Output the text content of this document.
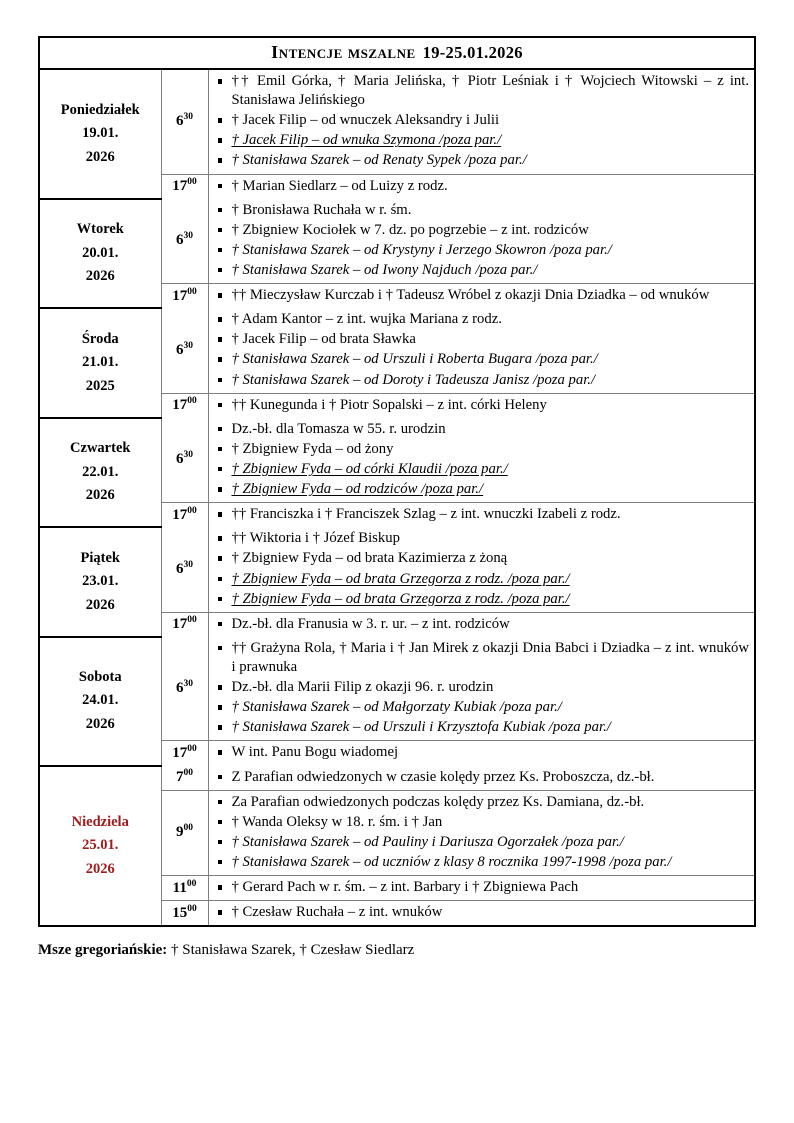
Intencje mszalne 19-25.01.2026		

Poniedziałek
19.01.
2026
	$6^{30}$	
†† Emil Górka, † Maria Jelińska, † Piotr Leśniak i † Wojciech Witowski – z int. Stanisława Jelińskiego
† Jacek Filip – od wnuczek Aleksandry i Julii
† Jacek Filip – od wnuka Szymona /poza par./
† Stanisława Szarek – od Renaty Sypek /poza par./

$17^{00}$	† Marian Siedlarz – od Luizy z rodz.

Wtorek
20.01.
2026
	$6^{30}$	
† Bronisława Ruchała w r. śm.
† Zbigniew Kociołek w 7. dz. po pogrzebie – z int. rodziców
† Stanisława Szarek – od Krystyny i Jerzego Skowron /poza par./
† Stanisława Szarek – od Iwony Najduch /poza par./

$17^{00}$	†† Mieczysław Kurczab i † Tadeusz Wróbel z okazji Dnia Dziadka – od wnuków

Środa
21.01.
2025
	$6^{30}$	
† Adam Kantor – z int. wujka Mariana z rodz.
† Jacek Filip – od brata Sławka
† Stanisława Szarek – od Urszuli i Roberta Bugara /poza par./
† Stanisława Szarek – od Doroty i Tadeusza Janisz /poza par./

$17^{00}$	†† Kunegunda i † Piotr Sopalski – z int. córki Heleny

Czwartek
22.01.
2026
	$6^{30}$	
Dz.-bł. dla Tomasza w 55. r. urodzin
† Zbigniew Fyda – od żony
† Zbigniew Fyda – od córki Klaudii /poza par./
† Zbigniew Fyda – od rodziców /poza par./

$17^{00}$	†† Franciszka i † Franciszek Szlag – z int. wnuczki Izabeli z rodz.

Piątek
23.01.
2026
	$6^{30}$	
†† Wiktoria i † Józef Biskup
† Zbigniew Fyda – od brata Kazimierza z żoną
† Zbigniew Fyda – od brata Grzegorza z rodz. /poza par./
† Zbigniew Fyda – od brata Grzegorza z rodz. /poza par./

$17^{00}$	Dz.-bł. dla Franusia w 3. r. ur. – z int. rodziców

Sobota
24.01.
2026
	$6^{30}$	
†† Grażyna Rola, † Maria i † Jan Mirek z okazji Dnia Babci i Dziadka – z int. wnuków i prawnuka
Dz.-bł. dla Marii Filip z okazji 96. r. urodzin
† Stanisława Szarek – od Małgorzaty Kubiak /poza par./
† Stanisława Szarek – od Urszuli i Krzysztofa Kubiak /poza par./

$17^{00}$	W int. Panu Bogu wiadomej

Niedziela
25.01.
2026
	$7^{00}$	Z Parafian odwiedzonych w czasie kolędy przez Ks. Proboszcza, dz.-bł.

$9^{00}$	
Za Parafian odwiedzonych podczas kolędy przez Ks. Damiana, dz.-bł.
† Wanda Oleksy w 18. r. śm. i † Jan
† Stanisława Szarek – od Pauliny i Dariusza Ogorzałek /poza par./
† Stanisława Szarek – od uczniów z klasy 8 rocznika 1997-1998 /poza par./

$11^{00}$	† Gerard Pach w r. śm. – z int. Barbary i † Zbigniewa Pach

$15^{00}$	† Czesław Ruchała – z int. wnuków
Msze gregoriańskie: † Stanisława Szarek, † Czesław Siedlarz
